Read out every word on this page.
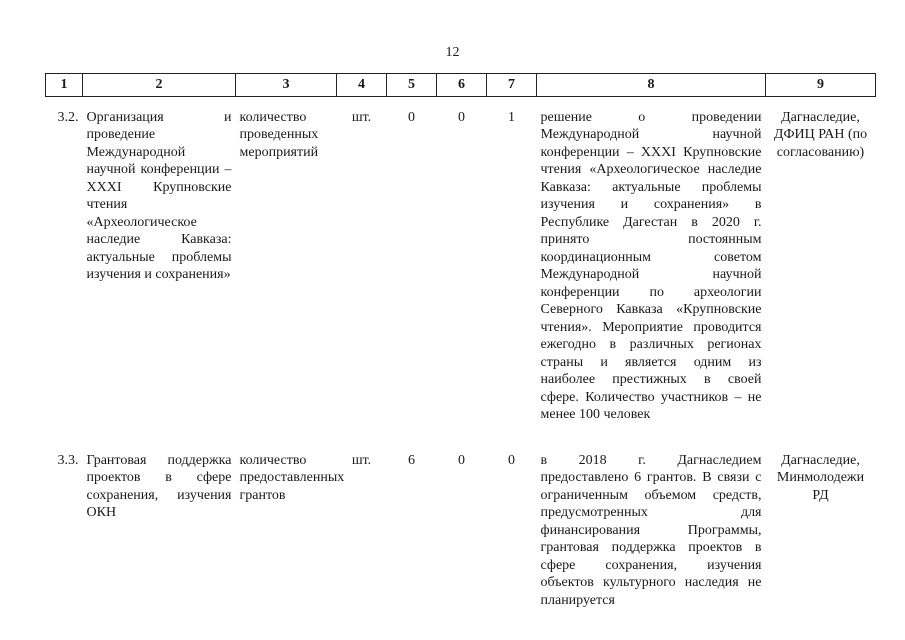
12
1	2	3	4	5	6	7	8	9

3.2.	Организация и проведение Международной научной конференции – XXXI Крупновские чтения «Археологическое наследие Кавказа: актуальные проблемы изучения и сохранения»	количество проведенных мероприятий	шт.	0	0	1	решение о проведении Международной научной конференции – XXXI Крупновские чтения «Археологическое наследие Кавказа: актуальные проблемы изучения и сохранения» в Республике Дагестан в 2020 г. принято постоянным координационным советом Международной научной конференции по археологии Северного Кавказа «Крупновские чтения». Мероприятие проводится ежегодно в различных регионах страны и является одним из наиболее престижных в своей сфере. Количество участников – не менее 100 человек	Дагнаследие, ДФИЦ РАН (по согласованию)

3.3.	Грантовая поддержка проектов в сфере сохранения, изучения ОКН	количество предоставленных грантов	шт.	6	0	0	в 2018 г. Дагнаследием предоставлено 6 грантов. В связи с ограниченным объемом средств, предусмотренных для финансирования Программы, грантовая поддержка проектов в сфере сохранения, изучения объектов культурного наследия не планируется	Дагнаследие, Минмолодежи РД
